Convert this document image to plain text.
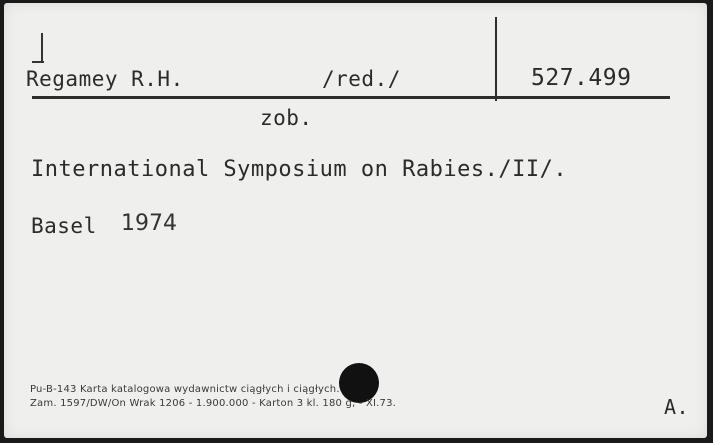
Regamey R.H.	/red./	527.499
zob.
International Symposium on Rabies./II/.
Basel 1974
Pu-B-143 Karta katalogowa wydawnictw ciągłych i ciągłych.
Zam. 1597/DW/On Wrak 1206 - 1.900.000 - Karton 3 kl. 180 g, - XI.73.	A.
